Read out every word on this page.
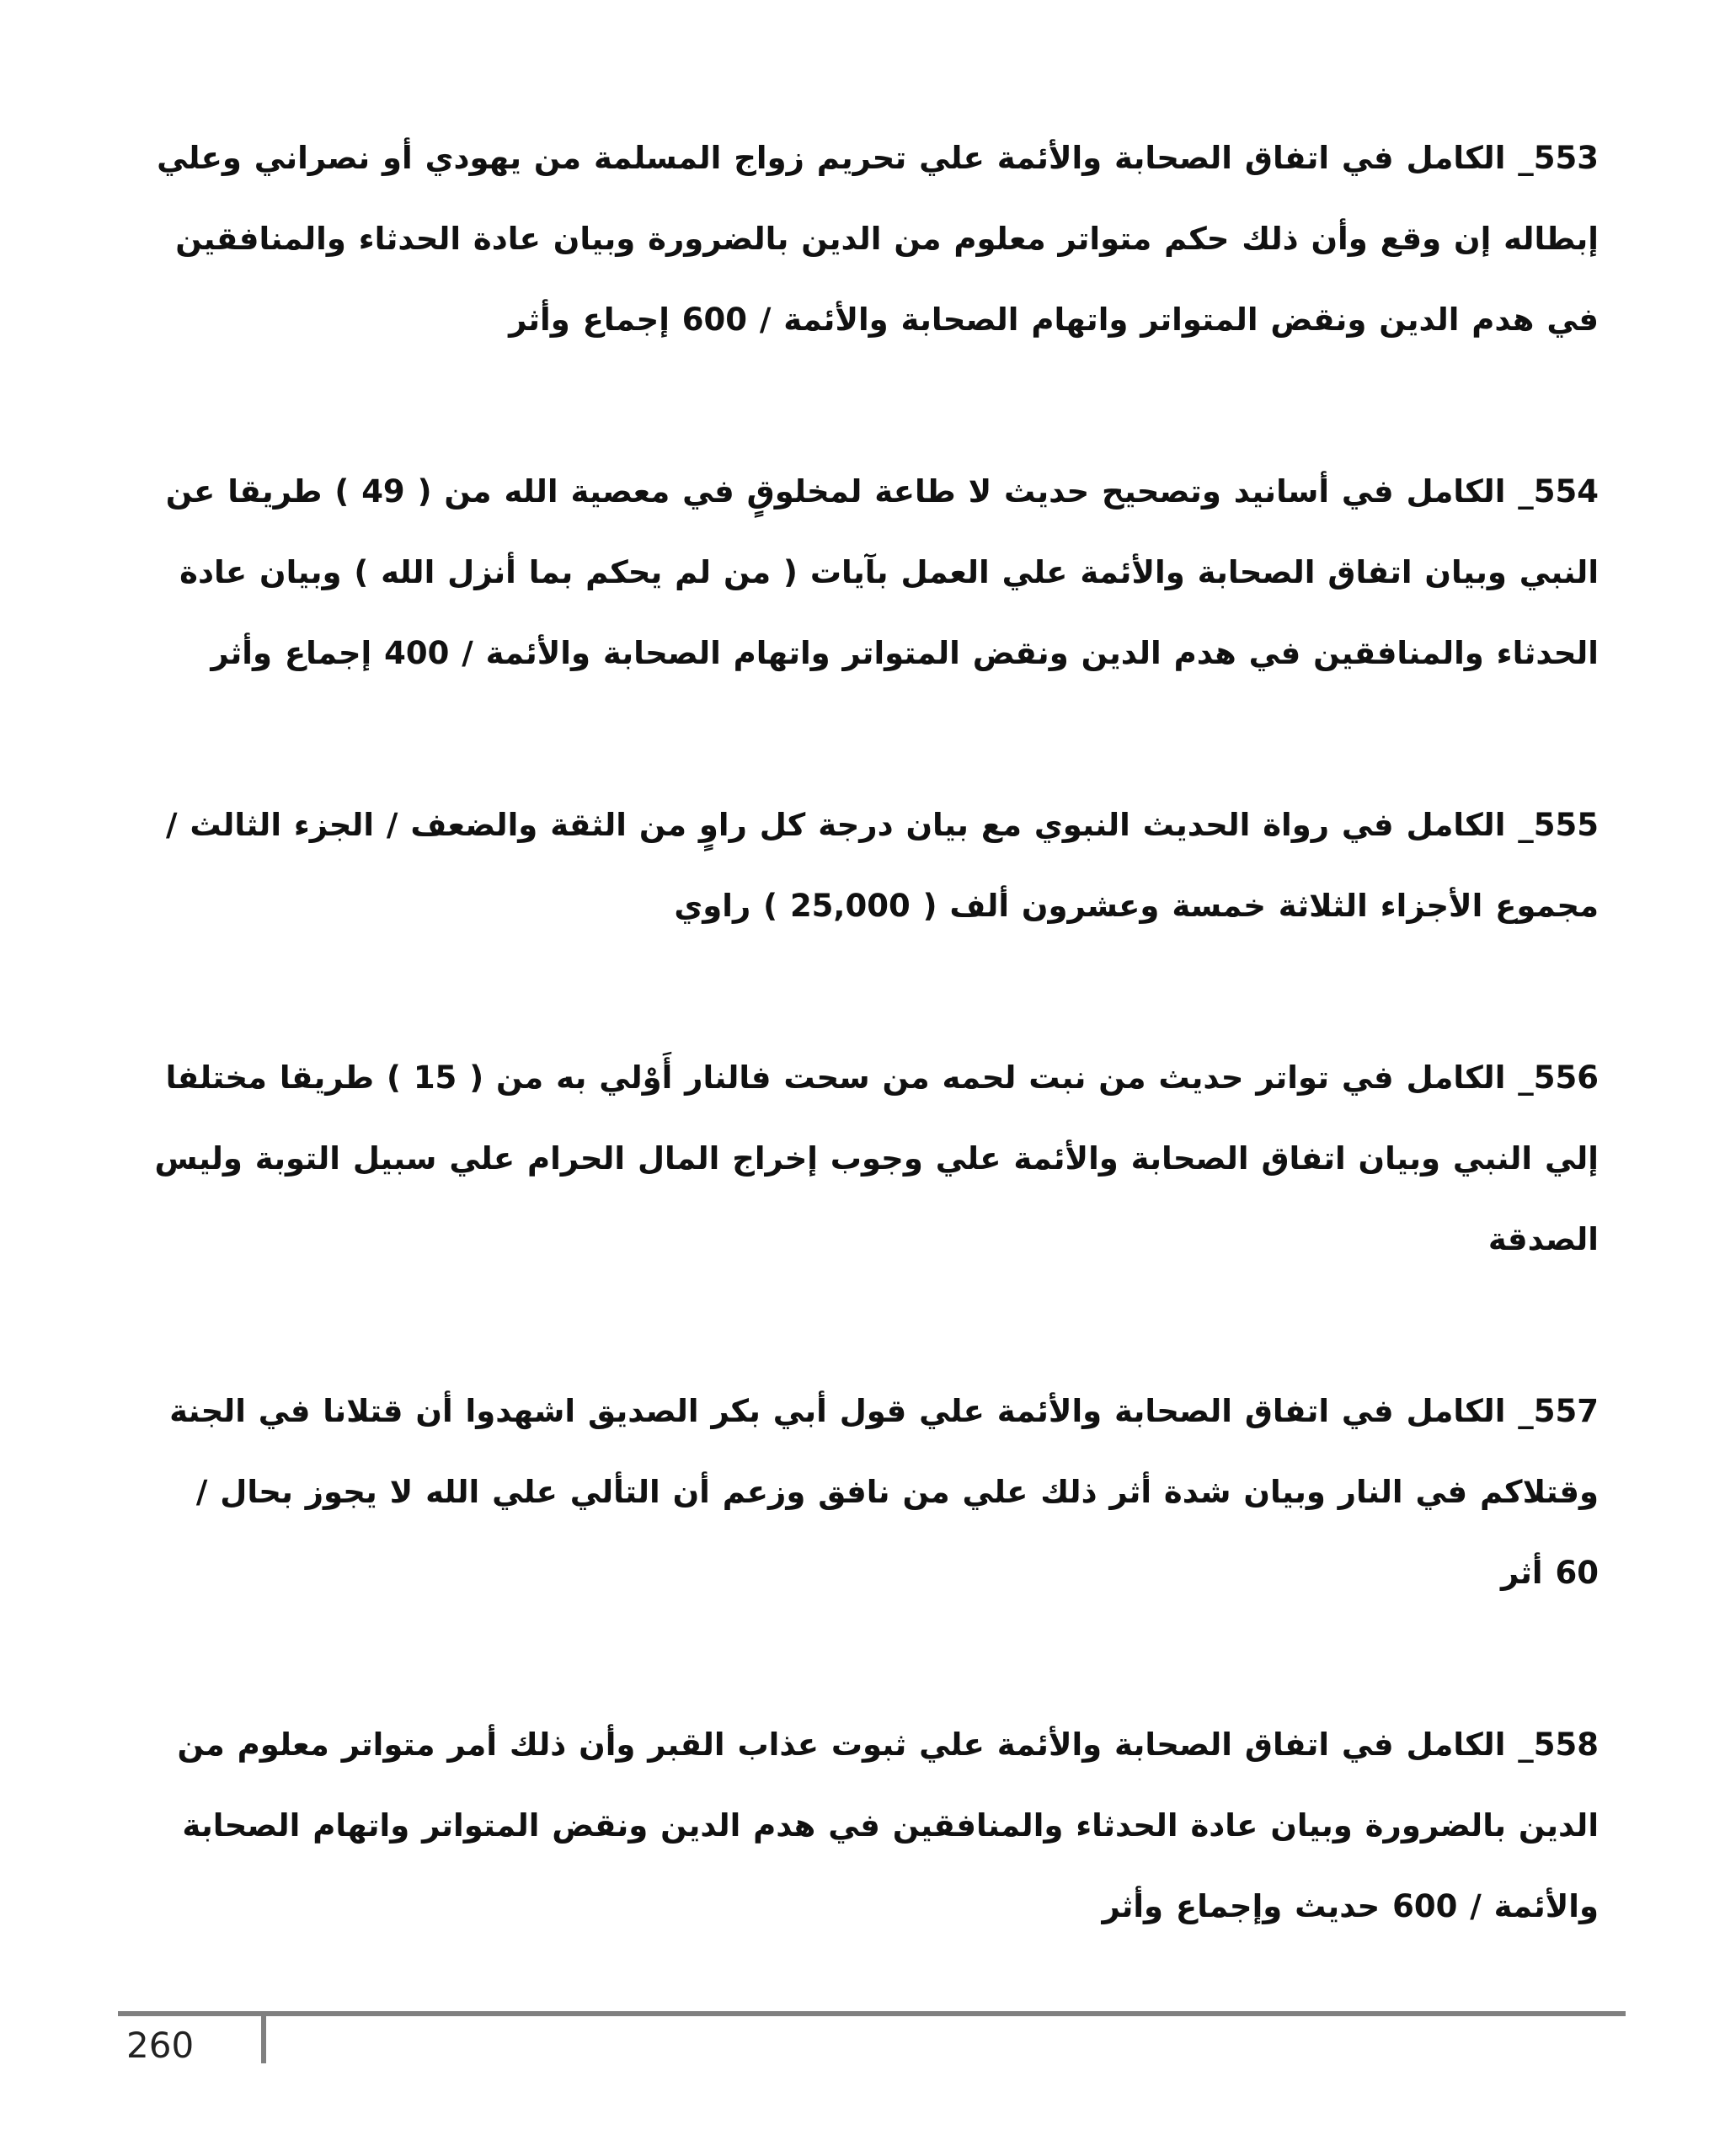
553_ الكامل في اتفاق الصحابة والأئمة علي تحريم زواج المسلمة من يهودي أو نصراني وعلي إبطاله إن وقع وأن ذلك حكم متواتر معلوم من الدين بالضرورة وبيان عادة الحدثاء والمنافقين في هدم الدين ونقض المتواتر واتهام الصحابة والأئمة / 600 إجماع وأثر

554_ الكامل في أسانيد وتصحيح حديث لا طاعة لمخلوقٍ في معصية الله من ( 49 ) طريقا عن النبي وبيان اتفاق الصحابة والأئمة علي العمل بآيات ( من لم يحكم بما أنزل الله ) وبيان عادة الحدثاء والمنافقين في هدم الدين ونقض المتواتر واتهام الصحابة والأئمة / 400 إجماع وأثر

555_ الكامل في رواة الحديث النبوي مع بيان درجة كل راوٍ من الثقة والضعف / الجزء الثالث / مجموع الأجزاء الثلاثة خمسة وعشرون ألف ( 25,000 ) راوي

556_ الكامل في تواتر حديث من نبت لحمه من سحت فالنار أَوْلي به من ( 15 ) طريقا مختلفا إلي النبي وبيان اتفاق الصحابة والأئمة علي وجوب إخراج المال الحرام علي سبيل التوبة وليس الصدقة

557_ الكامل في اتفاق الصحابة والأئمة علي قول أبي بكر الصديق اشهدوا أن قتلانا في الجنة وقتلاكم في النار وبيان شدة أثر ذلك علي من نافق وزعم أن التألي علي الله لا يجوز بحال / 60 أثر

558_ الكامل في اتفاق الصحابة والأئمة علي ثبوت عذاب القبر وأن ذلك أمر متواتر معلوم من الدين بالضرورة وبيان عادة الحدثاء والمنافقين في هدم الدين ونقض المتواتر واتهام الصحابة والأئمة / 600 حديث وإجماع وأثر

260
